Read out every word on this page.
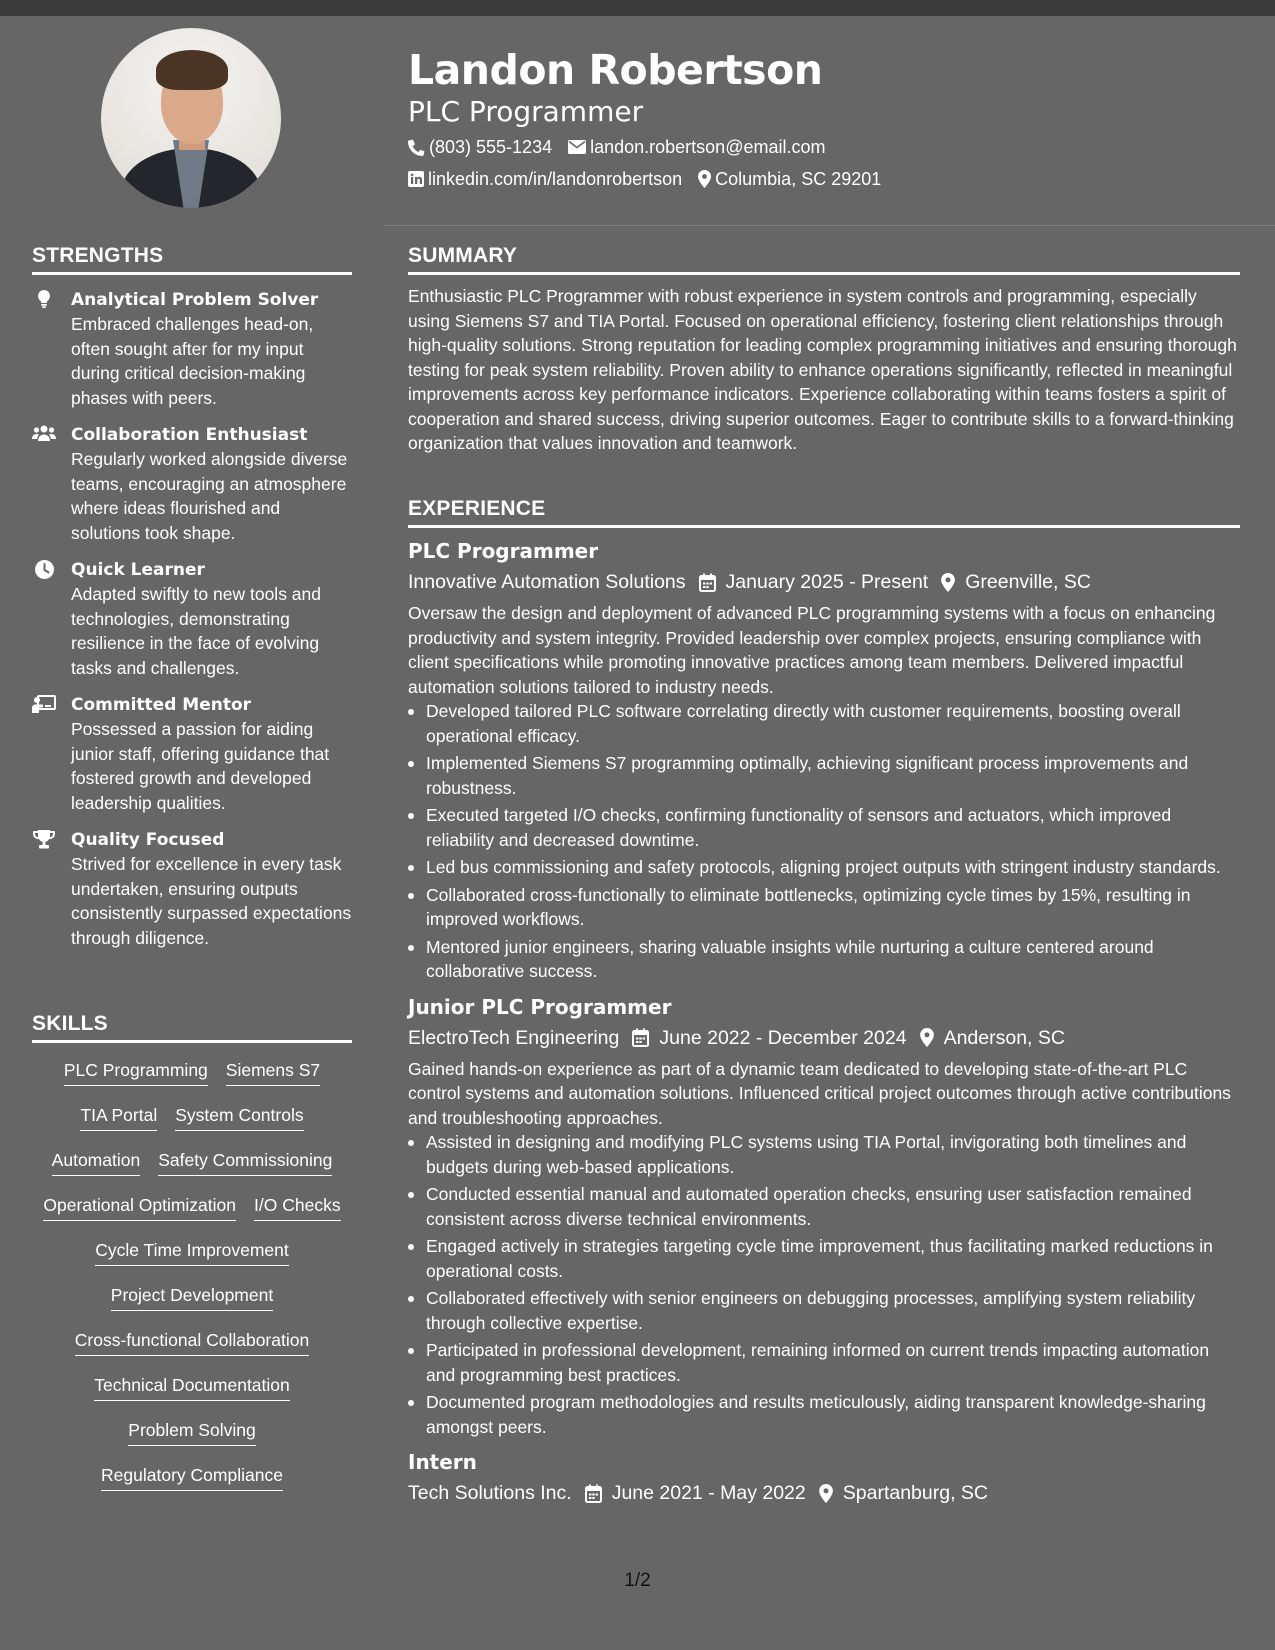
STRENGTHS
Analytical Problem Solver
Embraced challenges head-on, often sought after for my input during critical decision-making phases with peers.
Collaboration Enthusiast
Regularly worked alongside diverse teams, encouraging an atmosphere where ideas flourished and solutions took shape.
Quick Learner
Adapted swiftly to new tools and technologies, demonstrating resilience in the face of evolving tasks and challenges.
Committed Mentor
Possessed a passion for aiding junior staff, offering guidance that fostered growth and developed leadership qualities.
Quality Focused
Strived for excellence in every task undertaken, ensuring outputs consistently surpassed expectations through diligence.
SKILLS
PLC Programming Siemens S7
TIA Portal System Controls
Automation Safety Commissioning
Operational Optimization I/O Checks
Cycle Time Improvement
Project Development
Cross-functional Collaboration
Technical Documentation
Problem Solving
Regulatory Compliance
Landon Robertson
PLC Programmer
(803) 555-1234 landon.robertson@email.com
linkedin.com/in/landonrobertson Columbia, SC 29201
SUMMARY
Enthusiastic PLC Programmer with robust experience in system controls and programming, especially using Siemens S7 and TIA Portal. Focused on operational efficiency, fostering client relationships through high-quality solutions. Strong reputation for leading complex programming initiatives and ensuring thorough testing for peak system reliability. Proven ability to enhance operations significantly, reflected in meaningful improvements across key performance indicators. Experience collaborating within teams fosters a spirit of cooperation and shared success, driving superior outcomes. Eager to contribute skills to a forward-thinking organization that values innovation and teamwork.
EXPERIENCE
PLC Programmer
Innovative Automation Solutions January 2025 - Present Greenville, SC
Oversaw the design and deployment of advanced PLC programming systems with a focus on enhancing productivity and system integrity. Provided leadership over complex projects, ensuring compliance with client specifications while promoting innovative practices among team members. Delivered impactful automation solutions tailored to industry needs.
Developed tailored PLC software correlating directly with customer requirements, boosting overall operational efficacy.
Implemented Siemens S7 programming optimally, achieving significant process improvements and robustness.
Executed targeted I/O checks, confirming functionality of sensors and actuators, which improved reliability and decreased downtime.
Led bus commissioning and safety protocols, aligning project outputs with stringent industry standards.
Collaborated cross-functionally to eliminate bottlenecks, optimizing cycle times by 15%, resulting in improved workflows.
Mentored junior engineers, sharing valuable insights while nurturing a culture centered around collaborative success.
Junior PLC Programmer
ElectroTech Engineering June 2022 - December 2024 Anderson, SC
Gained hands-on experience as part of a dynamic team dedicated to developing state-of-the-art PLC control systems and automation solutions. Influenced critical project outcomes through active contributions and troubleshooting approaches.
Assisted in designing and modifying PLC systems using TIA Portal, invigorating both timelines and budgets during web-based applications.
Conducted essential manual and automated operation checks, ensuring user satisfaction remained consistent across diverse technical environments.
Engaged actively in strategies targeting cycle time improvement, thus facilitating marked reductions in operational costs.
Collaborated effectively with senior engineers on debugging processes, amplifying system reliability through collective expertise.
Participated in professional development, remaining informed on current trends impacting automation and programming best practices.
Documented program methodologies and results meticulously, aiding transparent knowledge-sharing amongst peers.
Intern
Tech Solutions Inc. June 2021 - May 2022 Spartanburg, SC
1/2
